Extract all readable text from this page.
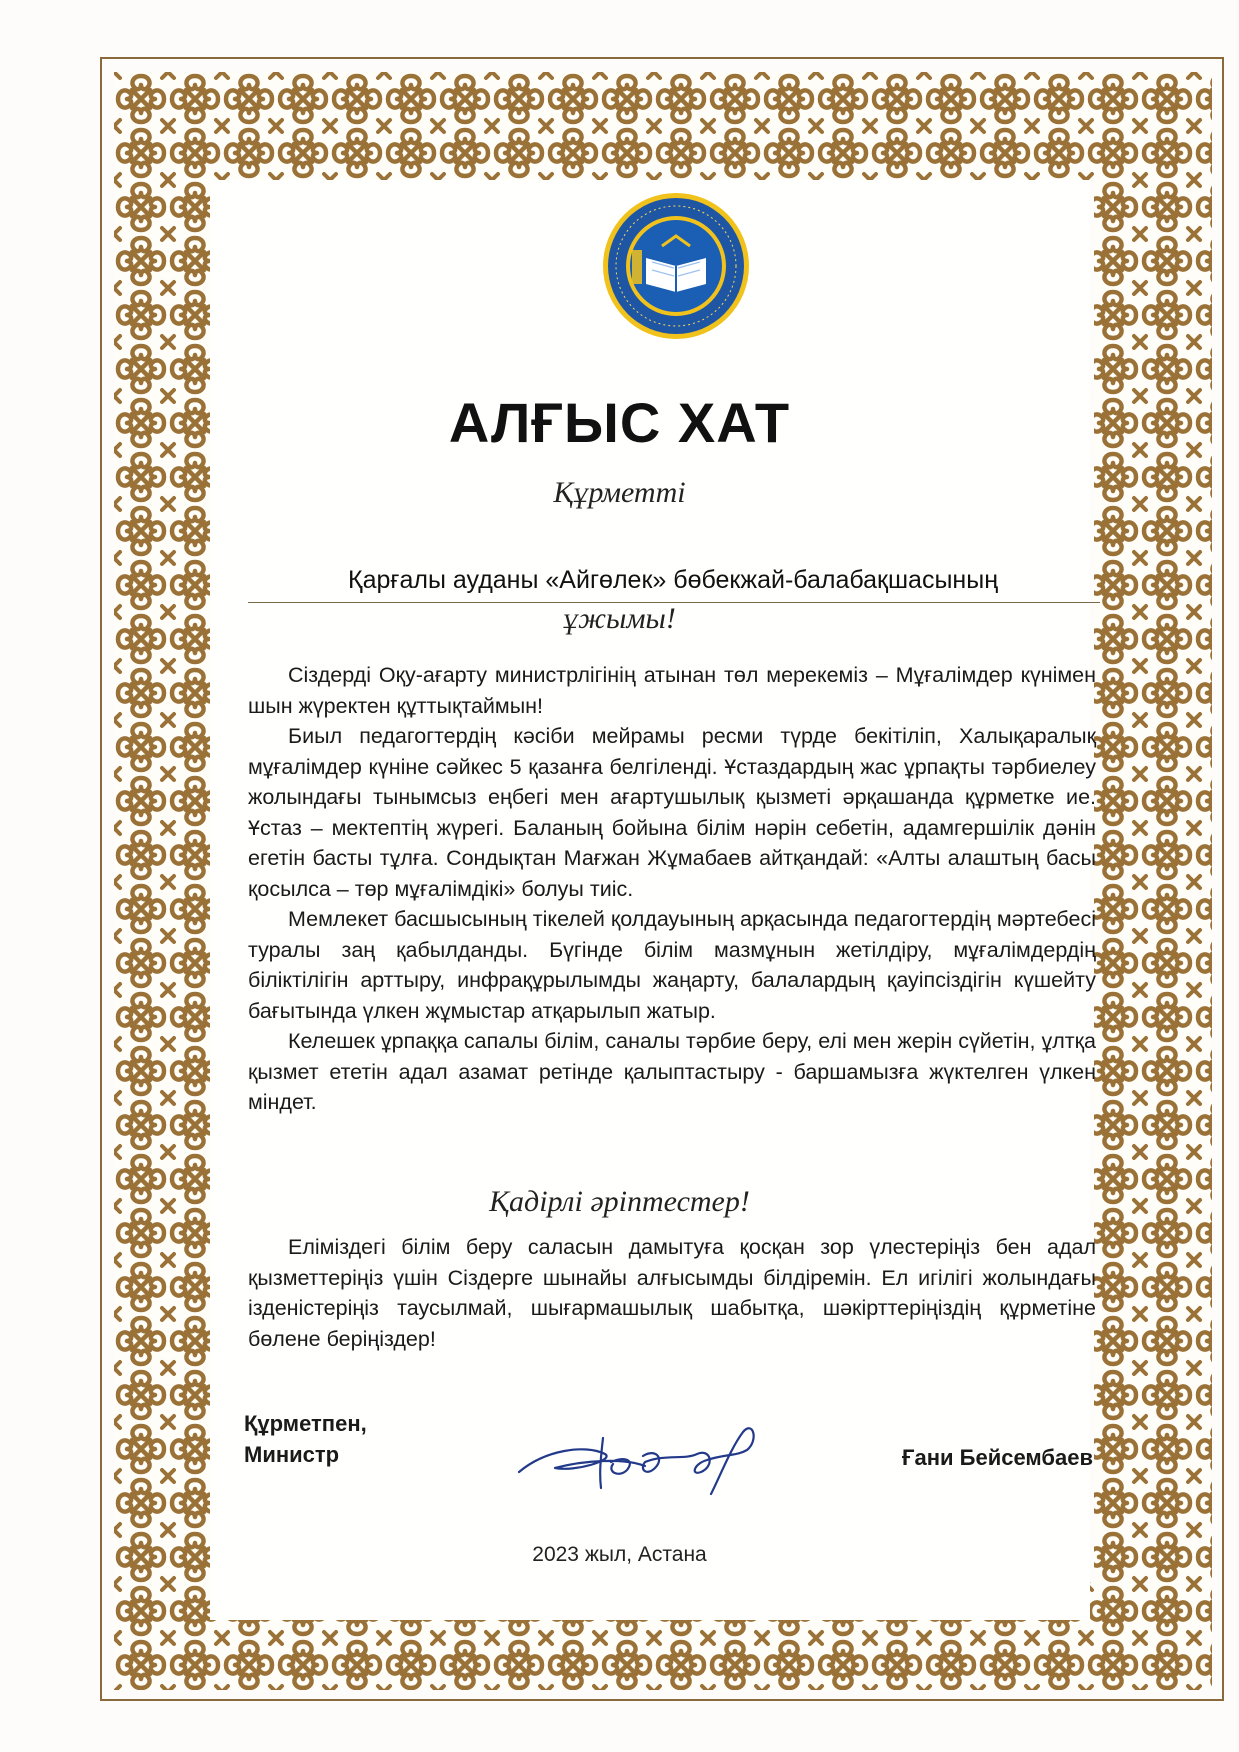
АЛҒЫС ХАТ
Құрметті
Қарғалы ауданы «Айгөлек» бөбекжай-балабақшасының
ұжымы!

Сіздерді Оқу-ағарту министрлігінің атынан төл мерекеміз – Мұғалімдер күнімен шын жүректен құттықтаймын!

Биыл педагогтердің кәсіби мейрамы ресми түрде бекітіліп, Халықаралық мұғалімдер күніне сәйкес 5 қазанға белгіленді. Ұстаздардың жас ұрпақты тәрбиелеу жолындағы тынымсыз еңбегі мен ағартушылық қызметі әрқашанда құрметке ие. Ұстаз – мектептің жүрегі. Баланың бойына білім нәрін себетін, адамгершілік дәнін егетін басты тұлға. Сондықтан Мағжан Жұмабаев айтқандай: «Алты алаштың басы қосылса – төр мұғалімдікі» болуы тиіс.

Мемлекет басшысының тікелей қолдауының арқасында педагогтердің мәртебесі туралы заң қабылданды. Бүгінде білім мазмұнын жетілдіру, мұғалімдердің біліктілігін арттыру, инфрақұрылымды жаңарту, балалардың қауіпсіздігін күшейту бағытында үлкен жұмыстар атқарылып жатыр.

Келешек ұрпаққа сапалы білім, саналы тәрбие беру, елі мен жерін сүйетін, ұлтқа қызмет ететін адал азамат ретінде қалыптастыру - баршамызға жүктелген үлкен міндет.

Қадірлі әріптестер!

Еліміздегі білім беру саласын дамытуға қосқан зор үлестеріңіз бен адал қызметтеріңіз үшін Сіздерге шынайы алғысымды білдіремін. Ел игілігі жолындағы ізденістеріңіз таусылмай, шығармашылық шабытқа, шәкірттеріңіздің құрметіне бөлене беріңіздер!

Құрметпен,
Министр	Ғани Бейсембаев
2023 жыл, Астана
